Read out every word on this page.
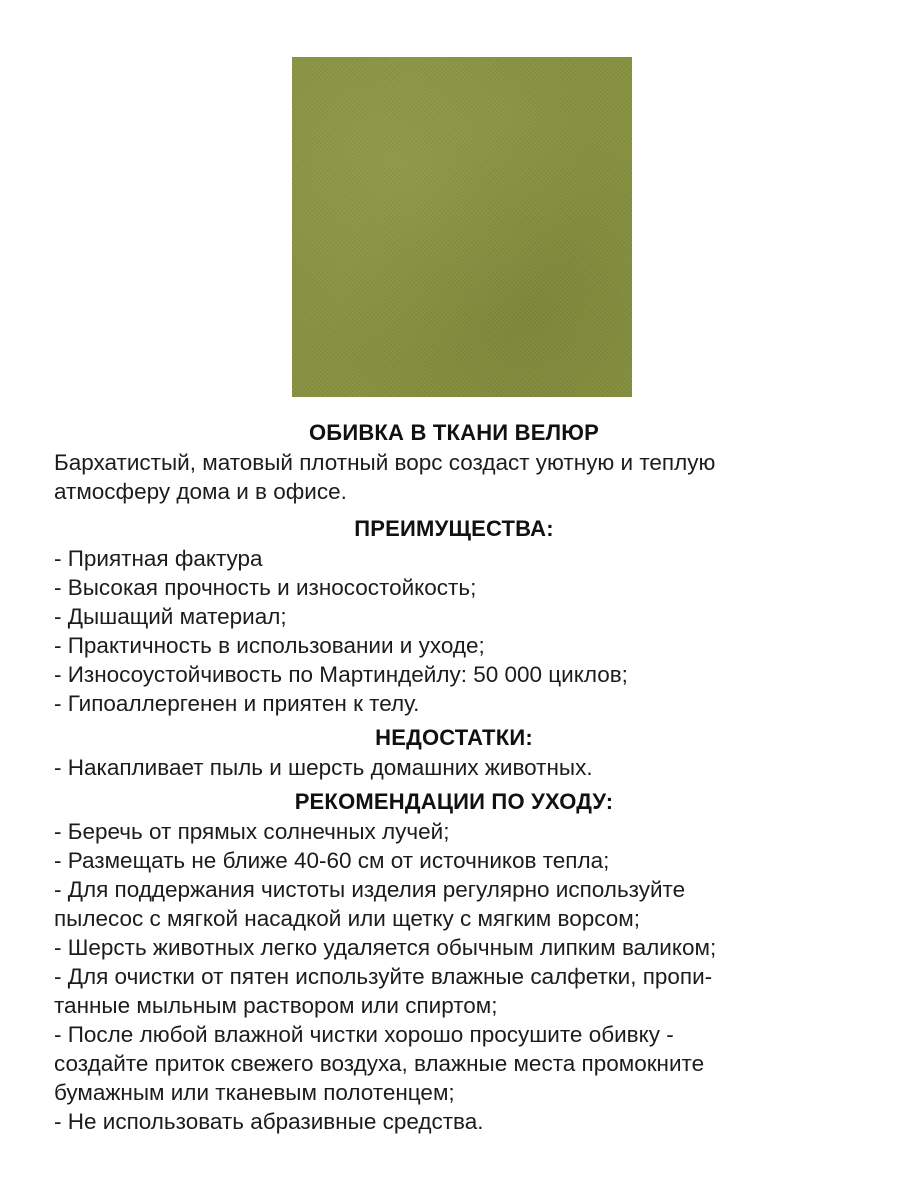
ОБИВКА В ТКАНИ ВЕЛЮР
Бархатистый, матовый плотный ворс создаст уютную и теплую
атмосферу дома и в офисе.
ПРЕИМУЩЕСТВА:
- Приятная фактура
- Высокая прочность и износостойкость;
- Дышащий материал;
- Практичность в использовании и уходе;
- Износоустойчивость по Мартиндейлу: 50 000 циклов;
- Гипоаллергенен и приятен к телу.
НЕДОСТАТКИ:
- Накапливает пыль и шерсть домашних животных.
РЕКОМЕНДАЦИИ ПО УХОДУ:
- Беречь от прямых солнечных лучей;
- Размещать не ближе 40-60 см от источников тепла;
- Для поддержания чистоты изделия регулярно используйте
пылесос с мягкой насадкой или щетку с мягким ворсом;
- Шерсть животных легко удаляется обычным липким валиком;
- Для очистки от пятен используйте влажные салфетки, пропи-
танные мыльным раствором или спиртом;
- После любой влажной чистки хорошо просушите обивку -
создайте приток свежего воздуха, влажные места промокните
бумажным или тканевым полотенцем;
- Не использовать абразивные средства.
